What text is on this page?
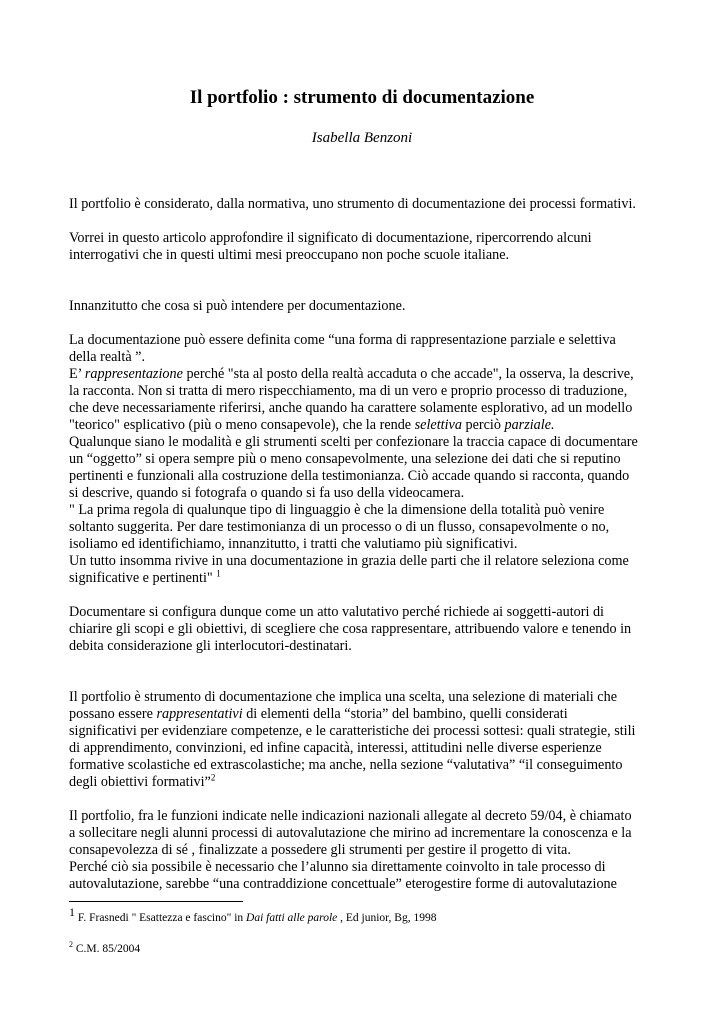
Il portfolio : strumento di documentazione
Isabella Benzoni

Il portfolio è considerato, dalla normativa, uno strumento di documentazione dei processi formativi.

Vorrei in questo articolo approfondire il significato di documentazione, ripercorrendo alcuni

interrogativi che in questi ultimi mesi preoccupano non poche scuole italiane.

Innanzitutto che cosa si può intendere per documentazione.

La documentazione può essere definita come “una forma di rappresentazione parziale e selettiva

della realtà ”.

E’ rappresentazione perché "sta al posto della realtà accaduta o che accade", la osserva, la descrive,

la racconta. Non si tratta di mero rispecchiamento, ma di un vero e proprio processo di traduzione,

che deve necessariamente riferirsi, anche quando ha carattere solamente esplorativo, ad un modello

"teorico" esplicativo (più o meno consapevole), che la rende selettiva perciò parziale.

Qualunque siano le modalità e gli strumenti scelti per confezionare la traccia capace di documentare

un “oggetto” si opera sempre più o meno consapevolmente, una selezione dei dati che si reputino

pertinenti e funzionali alla costruzione della testimonianza. Ciò accade quando si racconta, quando

si descrive, quando si fotografa o quando si fa uso della videocamera.

" La prima regola di qualunque tipo di linguaggio è che la dimensione della totalità può venire

soltanto suggerita. Per dare testimonianza di un processo o di un flusso, consapevolmente o no,

isoliamo ed identifichiamo, innanzitutto, i tratti che valutiamo più significativi.

Un tutto insomma rivive in una documentazione in grazia delle parti che il relatore seleziona come

significative e pertinenti" $^1$

Documentare si configura dunque come un atto valutativo perché richiede ai soggetti-autori di

chiarire gli scopi e gli obiettivi, di scegliere che cosa rappresentare, attribuendo valore e tenendo in

debita considerazione gli interlocutori-destinatari.

Il portfolio è strumento di documentazione che implica una scelta, una selezione di materiali che

possano essere rappresentativi di elementi della “storia” del bambino, quelli considerati

significativi per evidenziare competenze, e le caratteristiche dei processi sottesi: quali strategie, stili

di apprendimento, convinzioni, ed infine capacità, interessi, attitudini nelle diverse esperienze

formative scolastiche ed extrascolastiche; ma anche, nella sezione “valutativa” “il conseguimento

degli obiettivi formativi”$^2$

Il portfolio, fra le funzioni indicate nelle indicazioni nazionali allegate al decreto 59/04, è chiamato

a sollecitare negli alunni processi di autovalutazione che mirino ad incrementare la conoscenza e la

consapevolezza di sé , finalizzate a possedere gli strumenti per gestire il progetto di vita.

Perché ciò sia possibile è necessario che l’alunno sia direttamente coinvolto in tale processo di

autovalutazione, sarebbe “una contraddizione concettuale” eterogestire forme di autovalutazione

1 F. Frasnedi " Esattezza e fascino" in Dai fatti alle parole , Ed junior, Bg, 1998
$^2$ C.M. 85/2004
